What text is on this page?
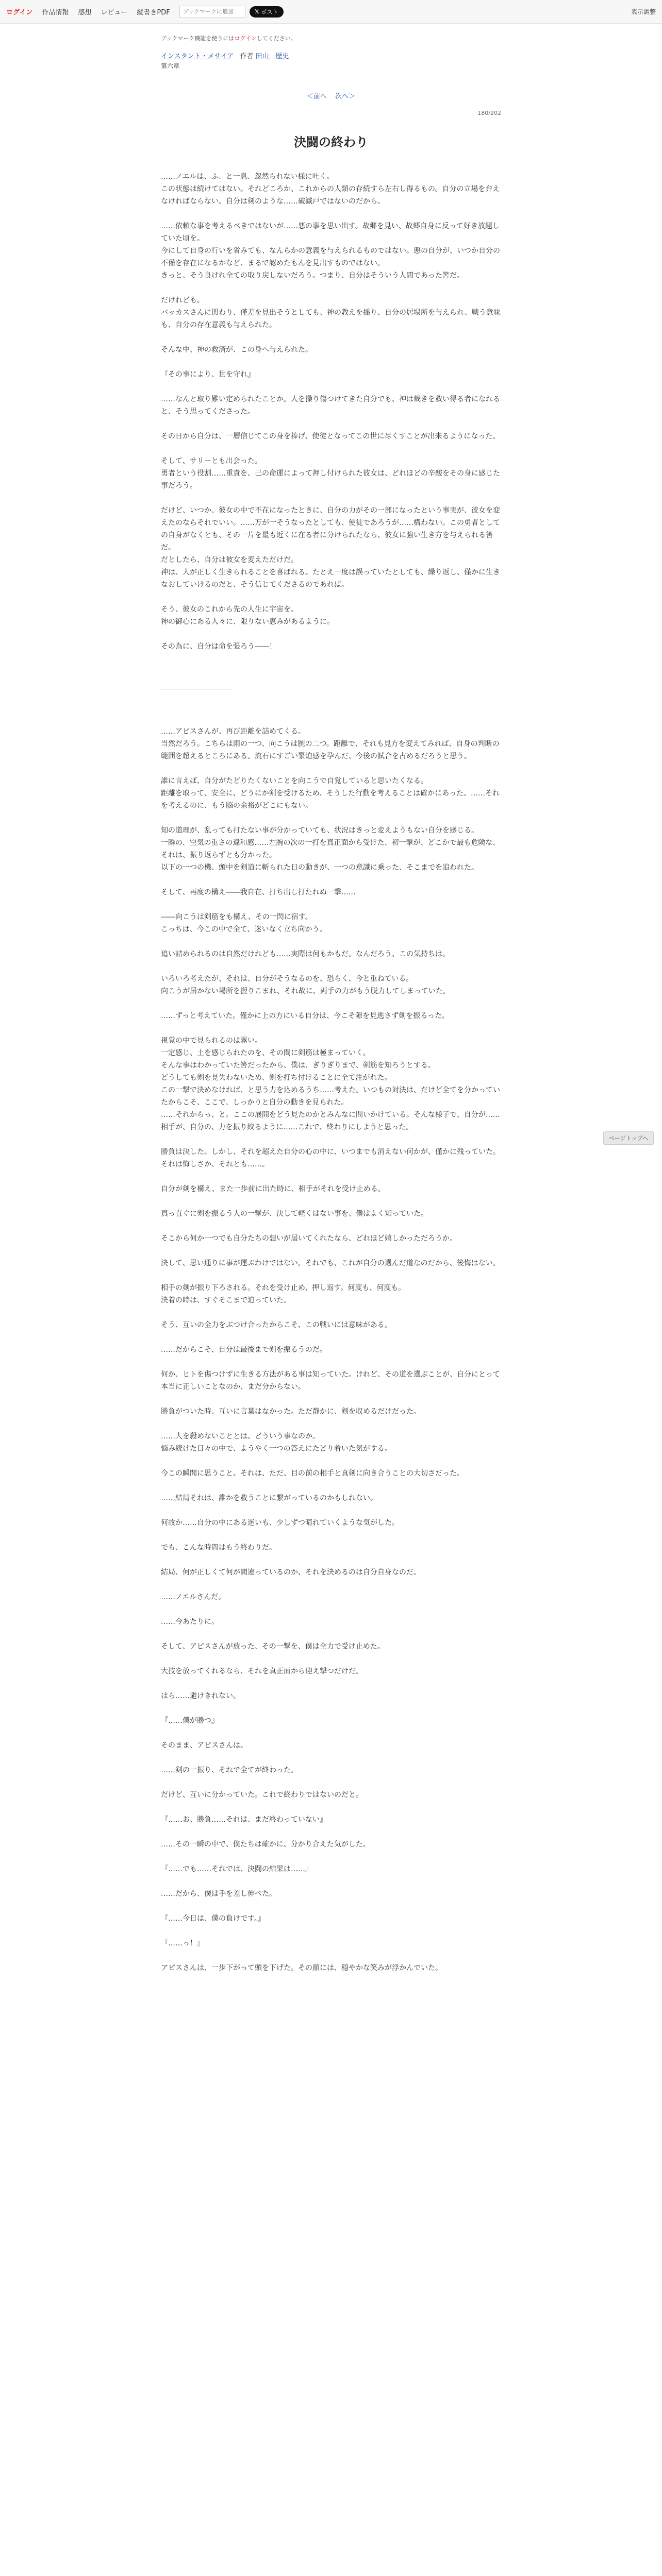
ログイン 作品情報 感想 レビュー 縦書きPDF
ブックマークに追加	𝕏 ポスト	表示調整
ブックマーク機能を使うにはログインしてください。
インスタント・メサイア 作者 田山　歴史
第六章
＜前へ 次へ＞
180/202
決闘の終わり

……ノエルは、ふ、と一息、忽然られない様に吐く。

この状態は続けてはない。それどころか、これからの人類の存続すら左右し得るもの。自分の立場を弁えなければならない。自分は剣のような……破滅戸ではないのだから。

……依頼な事を考えるべきではないが……悪の事を思い出す。故郷を見い、故郷自身に反って好き放題していた頃を。

今にして自身の行いを省みても、なんらかの意義を与えられるものではない。悪の自分が、いつか自分の不備を存在になるかなど、まるで認めたもんを見出すものではない。

きっと、そう良けれ全ての取り戻しないだろう。つまり、自分はそういう人間であった筈だ。

だけれども。

バッカスさんに関わり、僅差を見出そうとしても、神の教えを揺り、自分の居場所を与えられ、戦う意味も、自分の存在意義も与えられた。

そんな中、神の救済が、この身へ与えられた。

『その事により、世を守れ』

……なんと取り難い定められたことか。人を操り傷つけてきた自分でも、神は裁きを救い得る者になれると、そう思ってくださった。

その日から自分は、一層信じてこの身を捧げ、使徒となってこの世に尽くすことが出来るようになった。

そして、サリーとも出会った。

勇者という役割……重責を、己の命運によって押し付けられた彼女は、どれほどの辛酸をその身に感じた事だろう。

だけど、いつか、彼女の中で不在になったときに、自分の力がその一部になったという事実が、彼女を変えたのならそれでいい。……万が一そうなったとしても、使徒であろうが……構わない。この勇者としての自身がなくとも、その一片を最も近くに在る者に分けられたなら、彼女に強い生き方を与えられる筈だ。

だとしたら、自分は彼女を変えただけだ。

神は、人が正しく生きられることを喜ばれる。たとえ一度は誤っていたとしても、繰り返し、僅かに生きなおしていけるのだと、そう信じてくださるのであれば。

そう、彼女のこれから先の人生に宇宙を。

神の御心にある人々に、限りない恵みがあるように。

その為に、自分は命を張ろう――！

……アピスさんが、再び距離を詰めてくる。

当然だろう。こちらは雨の一つ、向こうは腕の二つ。距離で、それも見方を変えてみれば、自身の判断の範囲を超えるところにある。流石にすごい緊迫感を孕んだ、今後の試合を占めるだろうと思う。

誰に言えば、自分がたどりたくないことを向こうで自覚していると思いたくなる。

距離を取って、安全に、どうにか剣を受けるため、そうした行動を考えることは確かにあった。……それを考えるのに、もう脳の余裕がどこにもない。

知の道理が、乱っても打たない事が分かっていても、状況はきっと変えようもない自分を感じる。

一瞬の、空気の重さの違和感……左腕の次の一打を真正面から受けた、初一撃が、どこかで最も危険な、それは、振り返らずとも分かった。

以下の一つの機、頭中を剣道に斬られた日の動きが、一つの意識に乗った、そこまでを追われた。

そして、再度の構え――我自在、打ち出し打たれぬ一撃……

――向こうは剣筋をも構え、その一閃に宿す。

こっちは、今この中で全て、迷いなく立ち向かう。

追い詰められるのは自然だけれども……実際は何もかもだ。なんだろう、この気持ちは。

いろいろ考えたが、それは、自分がそうなるのを、恐らく、今と重ねている。

向こうが届かない場所を握りこまれ、それ故に、両手の力がもう脱力してしまっていた。

……ずっと考えていた。僅かに上の方にいる自分は、今こそ隙を見逃さず剣を振るった。

視覚の中で見られるのは霧い。

一定感じ、土を感じられたのを、その間に剣筋は極まっていく。

そんな事はわかっていた筈だったから、僕は、ぎりぎりまで、剣筋を知ろうとする。

どうしても剣を見失わないため、剣を打ち付けることに全て注がれた。

この一撃で決めなければ、と思う力を込めるうち……考えた。いつもの対決は、だけど全てを分かっていたからこそ、ここで、しっかりと自分の動きを見られた。

……それからっ、と。ここの展開をどう見たのかとみんなに問いかけている。そんな様子で、自分が……相手が、自分の、力を振り絞るように……これで、終わりにしようと思った。

勝負は決した。しかし、それを超えた自分の心の中に、いつまでも消えない何かが、僅かに残っていた。

それは悔しさか、それとも……。

自分が剣を構え、また一歩前に出た時に、相手がそれを受け止める。

真っ直ぐに剣を振るう人の一撃が、決して軽くはない事を、僕はよく知っていた。

そこから何か一つでも自分たちの想いが届いてくれたなら、どれほど嬉しかっただろうか。

決して、思い通りに事が運ぶわけではない。それでも、これが自分の選んだ道なのだから、後悔はない。

相手の剣が振り下ろされる。それを受け止め、押し返す。何度も、何度も。

決着の時は、すぐそこまで迫っていた。

そう、互いの全力をぶつけ合ったからこそ、この戦いには意味がある。

……だからこそ、自分は最後まで剣を振るうのだ。

何か、ヒトを傷つけずに生きる方法がある事は知っていた。けれど、その道を選ぶことが、自分にとって本当に正しいことなのか、まだ分からない。

勝負がついた時、互いに言葉はなかった。ただ静かに、剣を収めるだけだった。

……人を殺めないこととは、どういう事なのか。

悩み続けた日々の中で、ようやく一つの答えにたどり着いた気がする。

今この瞬間に思うこと。それは、ただ、目の前の相手と真剣に向き合うことの大切さだった。

……結局それは、誰かを救うことに繋がっているのかもしれない。

何故か……自分の中にある迷いも、少しずつ晴れていくような気がした。

でも、こんな時間はもう終わりだ。

結局、何が正しくて何が間違っているのか、それを決めるのは自分自身なのだ。

……ノエルさんだ。

……今あたりに。

そして、アピスさんが放った、その一撃を、僕は全力で受け止めた。

大技を放ってくれるなら、それを真正面から迎え撃つだけだ。

はら……避けきれない。

『……僕が勝つ』

そのまま、アピスさんは。

……剣の一振り、それで全てが終わった。

だけど、互いに分かっていた。これで終わりではないのだと。

『……お、勝負……それは、まだ終わっていない』

……その一瞬の中で、僕たちは確かに、分かり合えた気がした。

『……でも……それでは、決闘の結果は……』

……だから、僕は手を差し伸べた。

『……今日は、僕の負けです。』

『……っ！』

アピスさんは、一歩下がって頭を下げた。その顔には、穏やかな笑みが浮かんでいた。

ページトップへ
